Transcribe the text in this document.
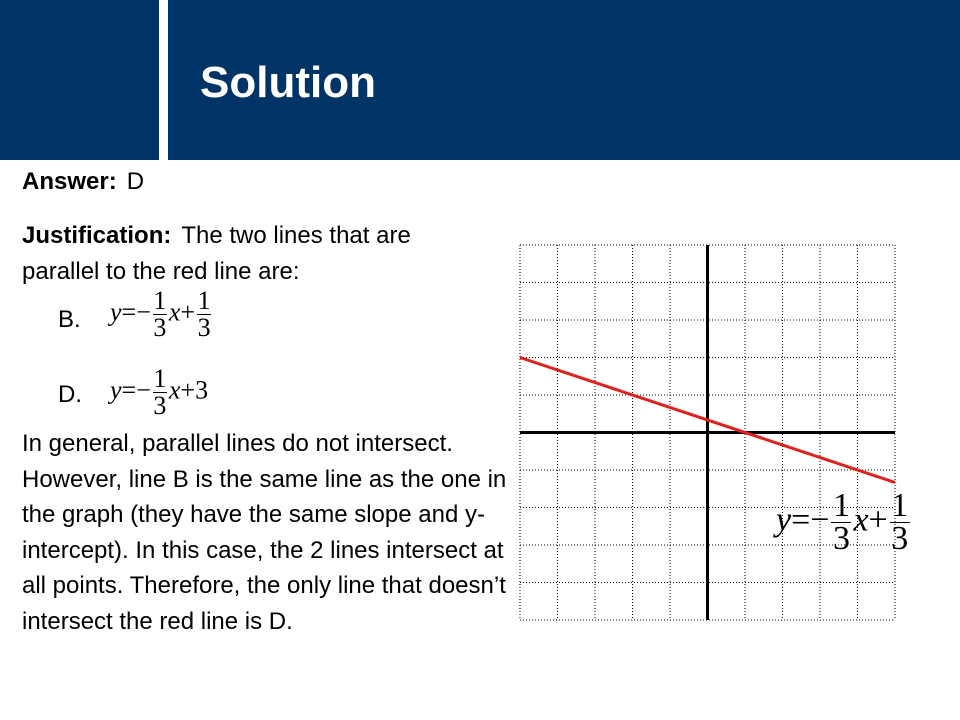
Solution
Answer: D
Justification: The two lines that are parallel to the red line are:
B. $y=- \frac{1}{3} x+ \frac{1}{3}$
D. $y=- \frac{1}{3} x+3$
In general, parallel lines do not intersect. However, line B is the same line as the one in the graph (they have the same slope and y-intercept). In this case, the 2 lines intersect at all points. Therefore, the only line that doesn’t intersect the red line is D.
$y=- \frac{1}{3} x+ \frac{1}{3}$
